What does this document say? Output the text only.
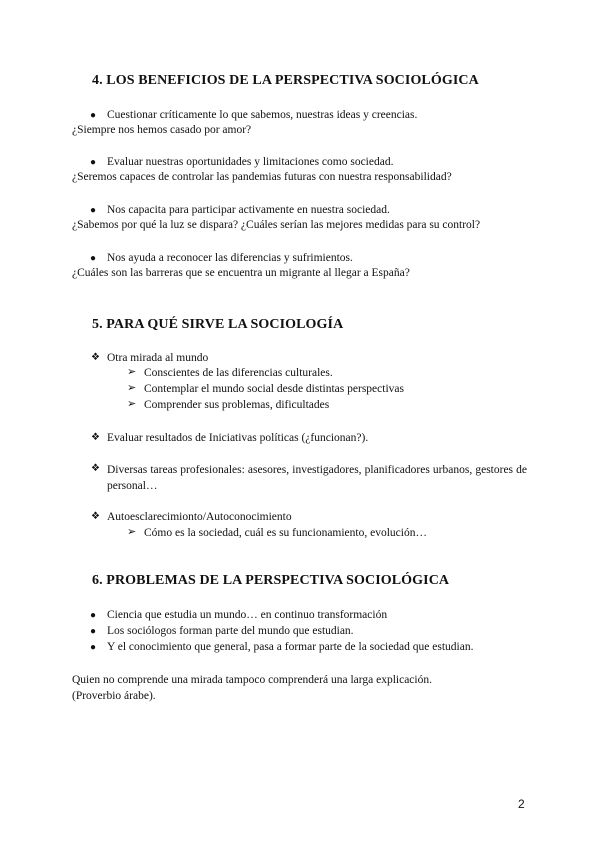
4. LOS BENEFICIOS DE LA PERSPECTIVA SOCIOLÓGICA
● Cuestionar críticamente lo que sabemos, nuestras ideas y creencias.
¿Siempre nos hemos casado por amor?
● Evaluar nuestras oportunidades y limitaciones como sociedad.
¿Seremos capaces de controlar las pandemias futuras con nuestra responsabilidad?
● Nos capacita para participar activamente en nuestra sociedad.
¿Sabemos por qué la luz se dispara? ¿Cuáles serían las mejores medidas para su control?
● Nos ayuda a reconocer las diferencias y sufrimientos.
¿Cuáles son las barreras que se encuentra un migrante al llegar a España?
5. PARA QUÉ SIRVE LA SOCIOLOGÍA
❖ Otra mirada al mundo
➢ Conscientes de las diferencias culturales.
➢ Contemplar el mundo social desde distintas perspectivas
➢ Comprender sus problemas, dificultades
❖ Evaluar resultados de Iniciativas políticas (¿funcionan?).
❖ Diversas tareas profesionales: asesores, investigadores, planificadores urbanos, gestores de personal…
❖ Autoesclarecimionto/Autoconocimiento
➢ Cómo es la sociedad, cuál es su funcionamiento, evolución…
6. PROBLEMAS DE LA PERSPECTIVA SOCIOLÓGICA
● Ciencia que estudia un mundo… en continuo transformación
● Los sociólogos forman parte del mundo que estudian.
● Y el conocimiento que general, pasa a formar parte de la sociedad que estudian.
Quien no comprende una mirada tampoco comprenderá una larga explicación.
(Proverbio árabe).
2
